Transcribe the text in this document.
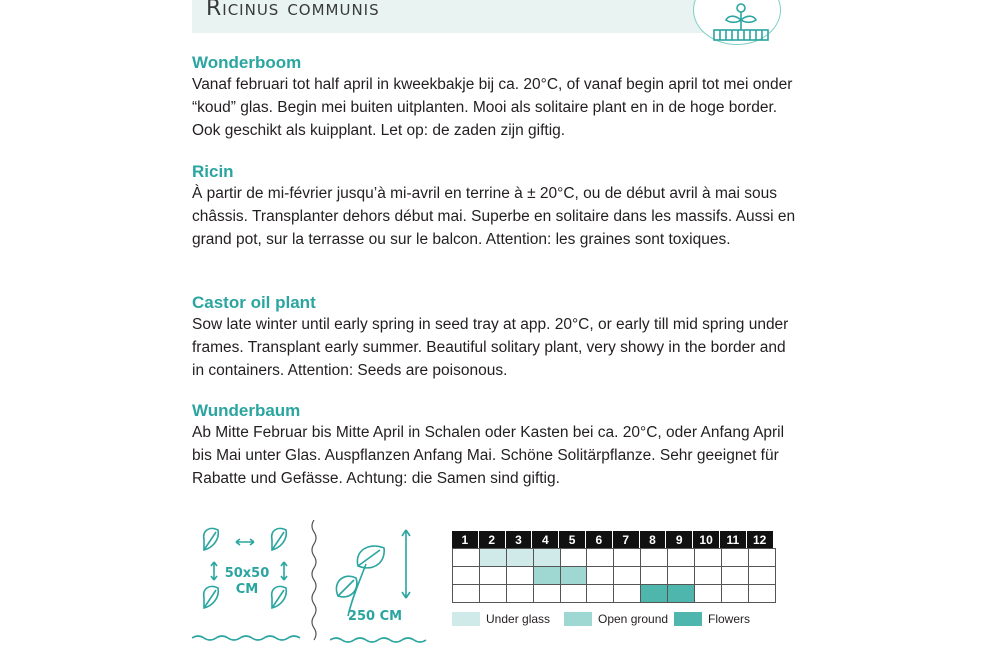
Ricinus communis
Wonderboom

Vanaf februari tot half april in kweekbakje bij ca. 20°C, of vanaf begin april tot mei onder “koud” glas. Begin mei buiten uitplanten. Mooi als solitaire plant en in de hoge border. Ook geschikt als kuipplant. Let op: de zaden zijn giftig.

Ricin

À partir de mi-février jusqu’à mi-avril en terrine à ± 20°C, ou de début avril à mai sous châssis. Transplanter dehors début mai. Superbe en solitaire dans les massifs. Aussi en grand pot, sur la terrasse ou sur le balcon. Attention: les graines sont toxiques.

Castor oil plant

Sow late winter until early spring in seed tray at app. 20°C, or early till mid spring under frames. Transplant early summer. Beautiful solitary plant, very showy in the border and in containers. Attention: Seeds are poisonous.

Wunderbaum

Ab Mitte Februar bis Mitte April in Schalen oder Kasten bei ca. 20°C, oder Anfang April bis Mai unter Glas. Auspflanzen Anfang Mai. Schöne Solitärpflanze. Sehr geeignet für Rabatte und Gefässe. Achtung: die Samen sind giftig.

50x50
CM
250 CM
1	2	3	4	5	6	7	8	9	10	11	12
Under glass	Open ground	Flowers
